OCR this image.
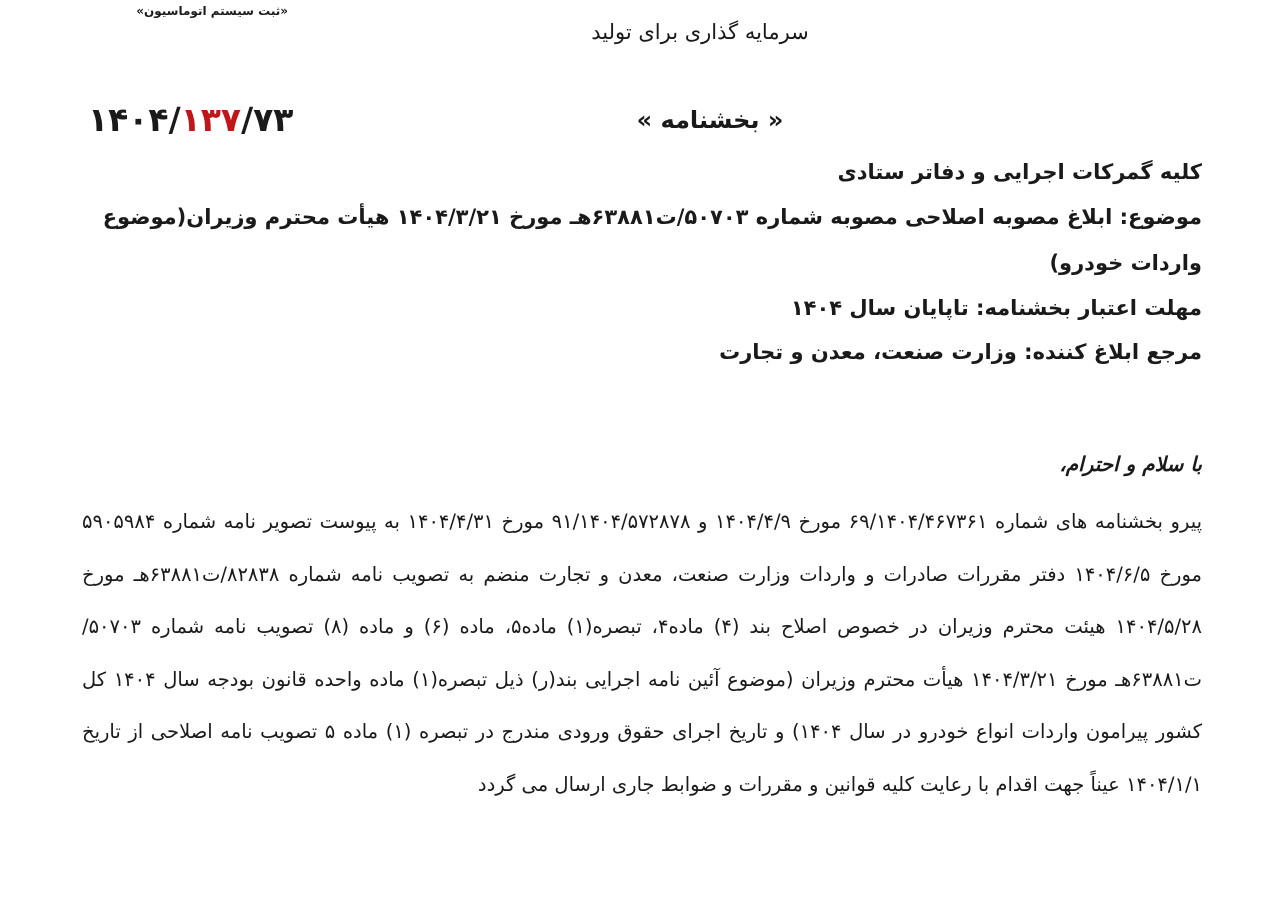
«ثبت سیستم اتوماسیون»
سرمایه گذاری برای تولید
۱۴۰۴/۱۳۷/۷۳	« بخشنامه »

کلیه گمرکات اجرایی و دفاتر ستادی

موضوع: ابلاغ مصوبه اصلاحی مصوبه شماره ۵۰۷۰۳/ت۶۳۸۸۱هـ مورخ ۱۴۰۴/۳/۲۱ هیأت محترم وزیران(موضوع واردات خودرو)

مهلت اعتبار بخشنامه: تاپایان سال ۱۴۰۴

مرجع ابلاغ کننده: وزارت صنعت، معدن و تجارت

با سلام و احترام،

پیرو بخشنامه های شماره ۶۹/۱۴۰۴/۴۶۷۳۶۱ مورخ ۱۴۰۴/۴/۹ و ۹۱/۱۴۰۴/۵۷۲۸۷۸ مورخ ۱۴۰۴/۴/۳۱ به پیوست تصویر نامه شماره ۵۹۰۵۹۸۴ مورخ ۱۴۰۴/۶/۵ دفتر مقررات صادرات و واردات وزارت صنعت، معدن و تجارت منضم به تصویب نامه شماره ۸۲۸۳۸/ت۶۳۸۸۱هـ مورخ ۱۴۰۴/۵/۲۸ هیئت محترم وزیران در خصوص اصلاح بند (۴) ماده۴، تبصره(۱) ماده۵، ماده (۶) و ماده (۸) تصویب نامه شماره ۵۰۷۰۳/ت۶۳۸۸۱هـ مورخ ۱۴۰۴/۳/۲۱ هیأت محترم وزیران (موضوع آئین نامه اجرایی بند(ر) ذیل تبصره(۱) ماده واحده قانون بودجه سال ۱۴۰۴ کل کشور پیرامون واردات انواع خودرو در سال ۱۴۰۴) و تاریخ اجرای حقوق ورودی مندرج در تبصره (۱) ماده ۵ تصویب نامه اصلاحی از تاریخ ۱۴۰۴/۱/۱ عیناً جهت اقدام با رعایت کلیه قوانین و مقررات و ضوابط جاری ارسال می گردد
